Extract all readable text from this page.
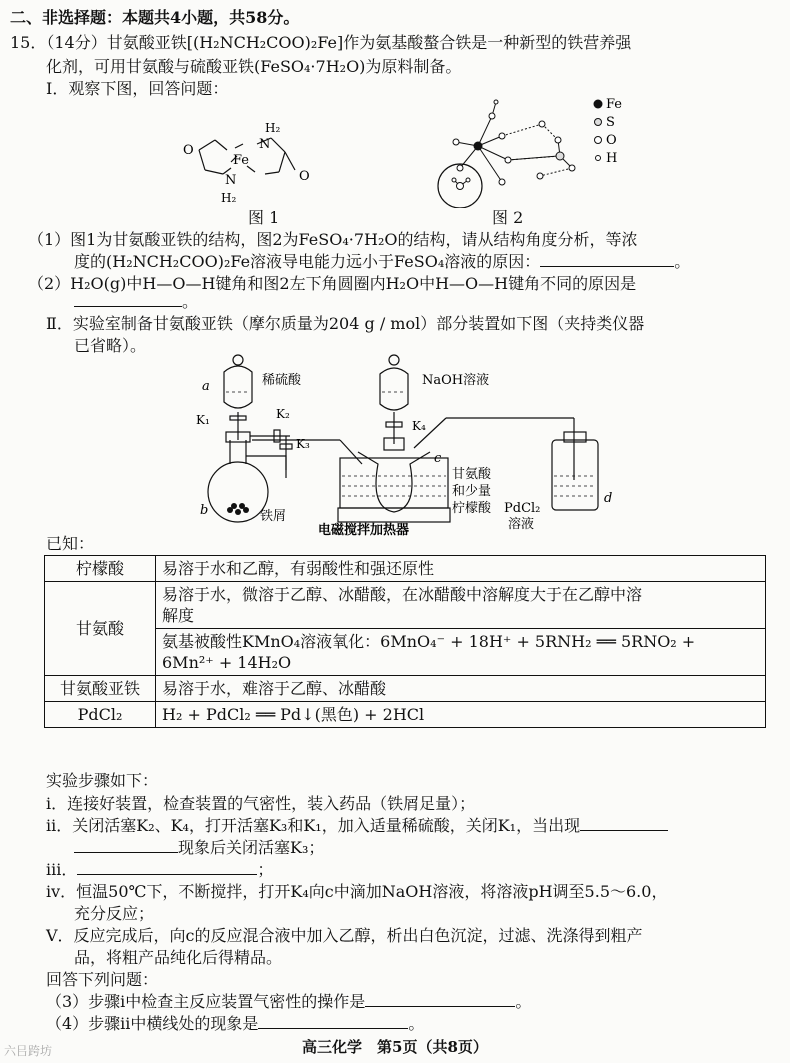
二、非选择题：本题共4小题，共58分。
15．（14分）甘氨酸亚铁[(H₂NCH₂COO)₂Fe]作为氨基酸螯合铁是一种新型的铁营养强
化剂，可用甘氨酸与硫酸亚铁(FeSO₄·7H₂O)为原料制备。
Ⅰ．观察下图，回答问题：
O
O
H₂
N
Fe
N
H₂
图 1
Fe
S
O
H
图 2
（1）图1为甘氨酸亚铁的结构，图2为FeSO₄·7H₂O的结构，请从结构角度分析，等浓
度的(H₂NCH₂COO)₂Fe溶液导电能力远小于FeSO₄溶液的原因：	。
（2）H₂O(g)中H—O—H键角和图2左下角圆圈内H₂O中H—O—H键角不同的原因是
。
Ⅱ．实验室制备甘氨酸亚铁（摩尔质量为204 g / mol）部分装置如下图（夹持类仪器
已省略）。
a	稀硫酸
K₁	K₂
K₃
NaOH溶液
K₄
b	铁屑
c
甘氨酸
和少量
柠檬酸 PdCl₂
溶液
d
电磁搅拌加热器
已知：
柠檬酸	易溶于水和乙醇，有弱酸性和强还原性
甘氨酸	易溶于水，微溶于乙醇、冰醋酸，在冰醋酸中溶解度大于在乙醇中溶
解度

	氨基被酸性KMnO₄溶液氧化：6MnO₄⁻ + 18H⁺ + 5RNH₂ ══ 5RNO₂ +
6Mn²⁺ + 14H₂O

甘氨酸亚铁	易溶于水，难溶于乙醇、冰醋酸
PdCl₂	H₂ + PdCl₂ ══ Pd↓(黑色) + 2HCl
实验步骤如下：
ⅰ．连接好装置，检查装置的气密性，装入药品（铁屑足量）；
ⅱ．关闭活塞K₂、K₄，打开活塞K₃和K₁，加入适量稀硫酸，关闭K₁，当出现
现象后关闭活塞K₃；
ⅲ．	；
ⅳ．恒温50℃下，不断搅拌，打开K₄向c中滴加NaOH溶液，将溶液pH调至5.5～6.0，
充分反应；
Ⅴ．反应完成后，向c的反应混合液中加入乙醇，析出白色沉淀，过滤、洗涤得到粗产
品，将粗产品纯化后得精品。
回答下列问题：
（3）步骤ⅰ中检查主反应装置气密性的操作是	。
（4）步骤ⅱ中横线处的现象是	。
高三化学　第5页（共8页）
六㠯跨坊
